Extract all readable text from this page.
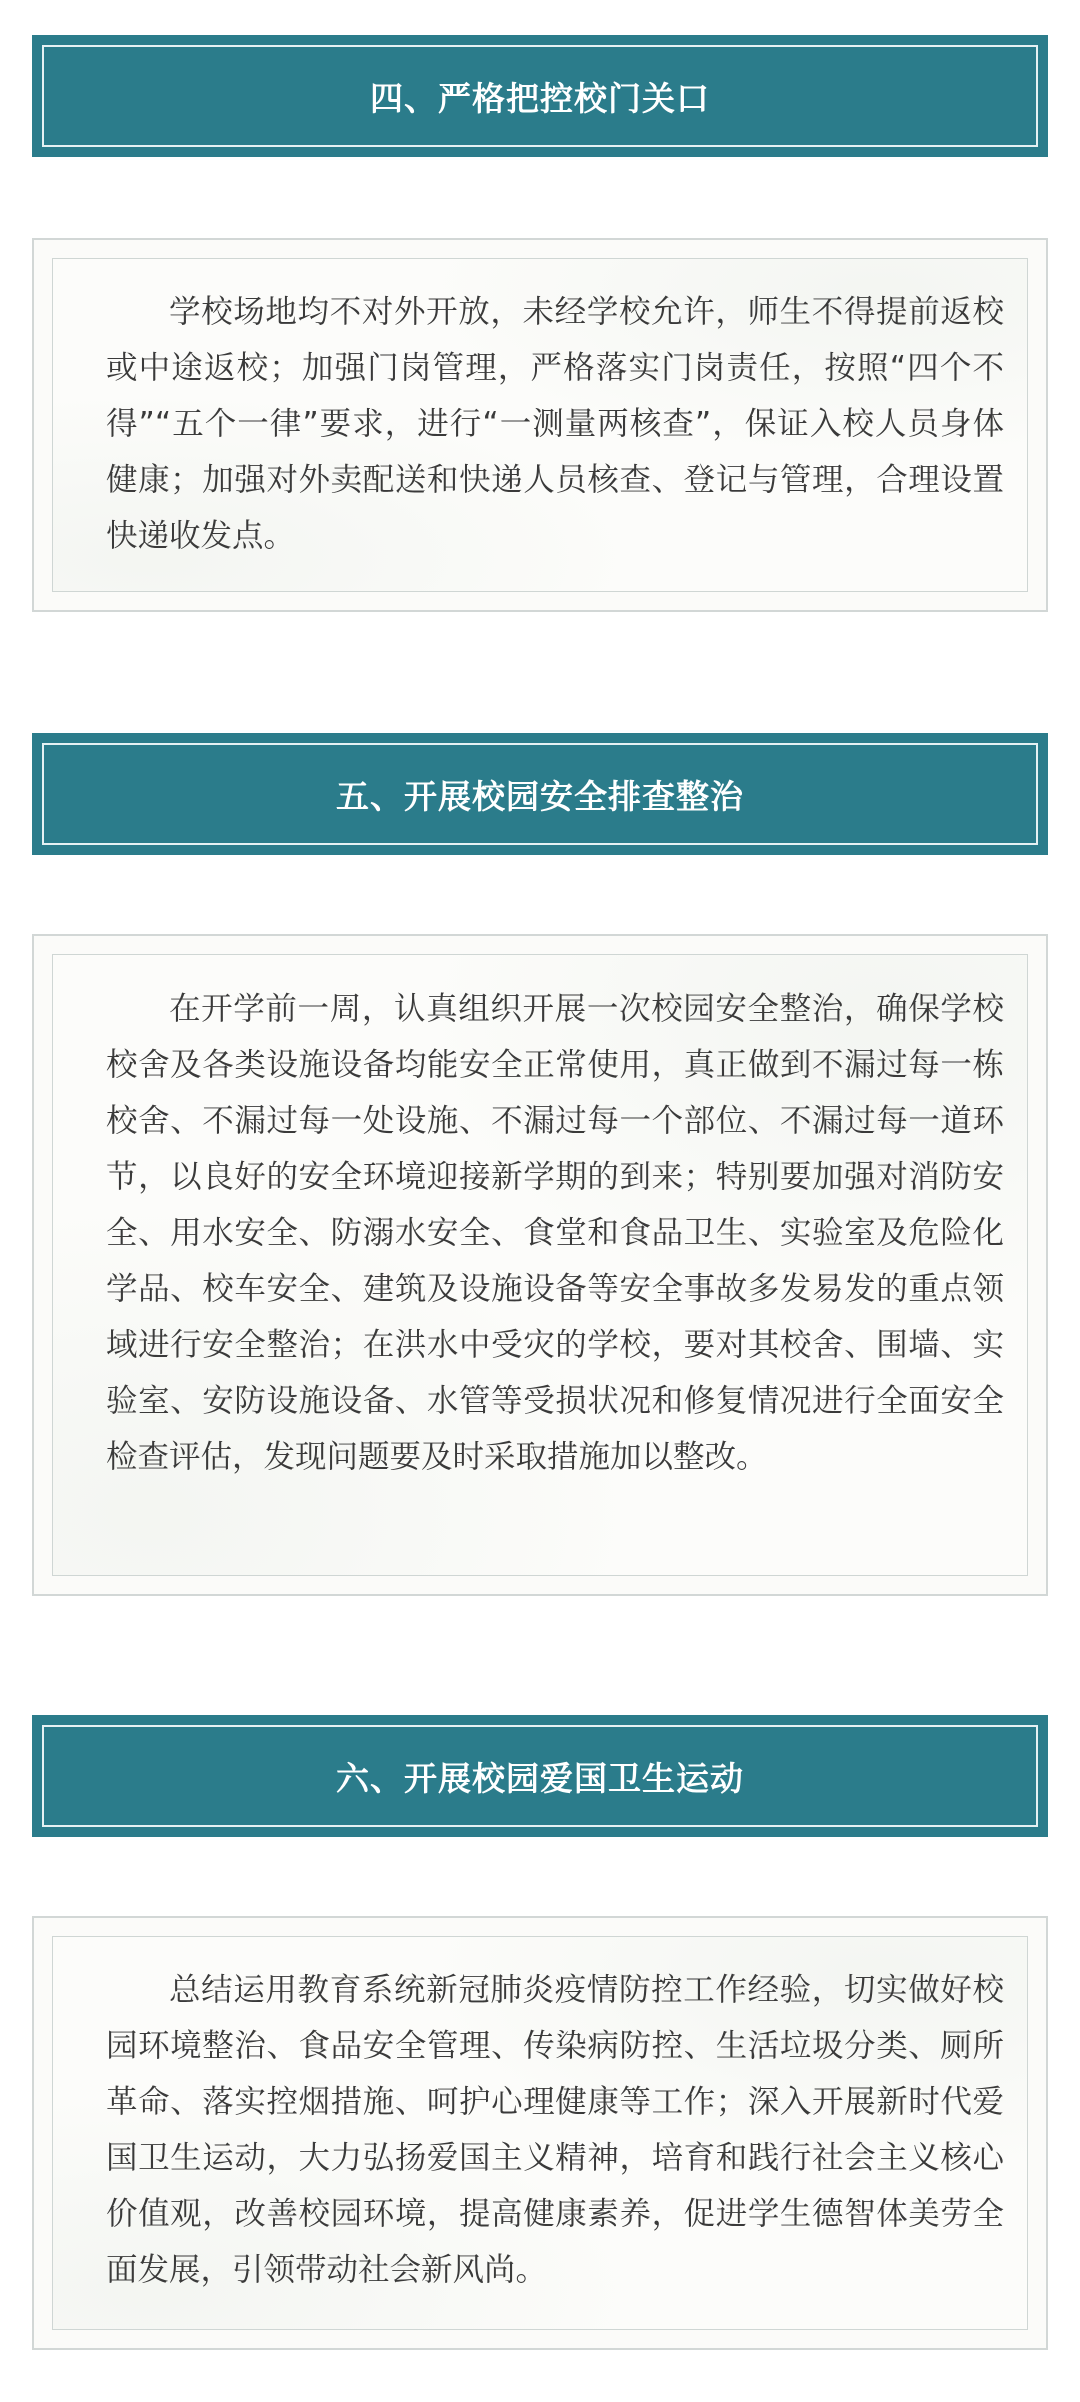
四、严格把控校门关口

学校场地均不对外开放，未经学校允许，师生不得提前返校或中途返校；加强门岗管理，严格落实门岗责任，按照“四个不得”“五个一律”要求，进行“一测量两核查”，保证入校人员身体健康；加强对外卖配送和快递人员核查、登记与管理，合理设置快递收发点。

五、开展校园安全排查整治

在开学前一周，认真组织开展一次校园安全整治，确保学校校舍及各类设施设备均能安全正常使用，真正做到不漏过每一栋校舍、不漏过每一处设施、不漏过每一个部位、不漏过每一道环节，以良好的安全环境迎接新学期的到来；特别要加强对消防安全、用水安全、防溺水安全、食堂和食品卫生、实验室及危险化学品、校车安全、建筑及设施设备等安全事故多发易发的重点领域进行安全整治；在洪水中受灾的学校，要对其校舍、围墙、实验室、安防设施设备、水管等受损状况和修复情况进行全面安全检查评估，发现问题要及时采取措施加以整改。

六、开展校园爱国卫生运动

总结运用教育系统新冠肺炎疫情防控工作经验，切实做好校园环境整治、食品安全管理、传染病防控、生活垃圾分类、厕所革命、落实控烟措施、呵护心理健康等工作；深入开展新时代爱国卫生运动，大力弘扬爱国主义精神，培育和践行社会主义核心价值观，改善校园环境，提高健康素养，促进学生德智体美劳全面发展，引领带动社会新风尚。
